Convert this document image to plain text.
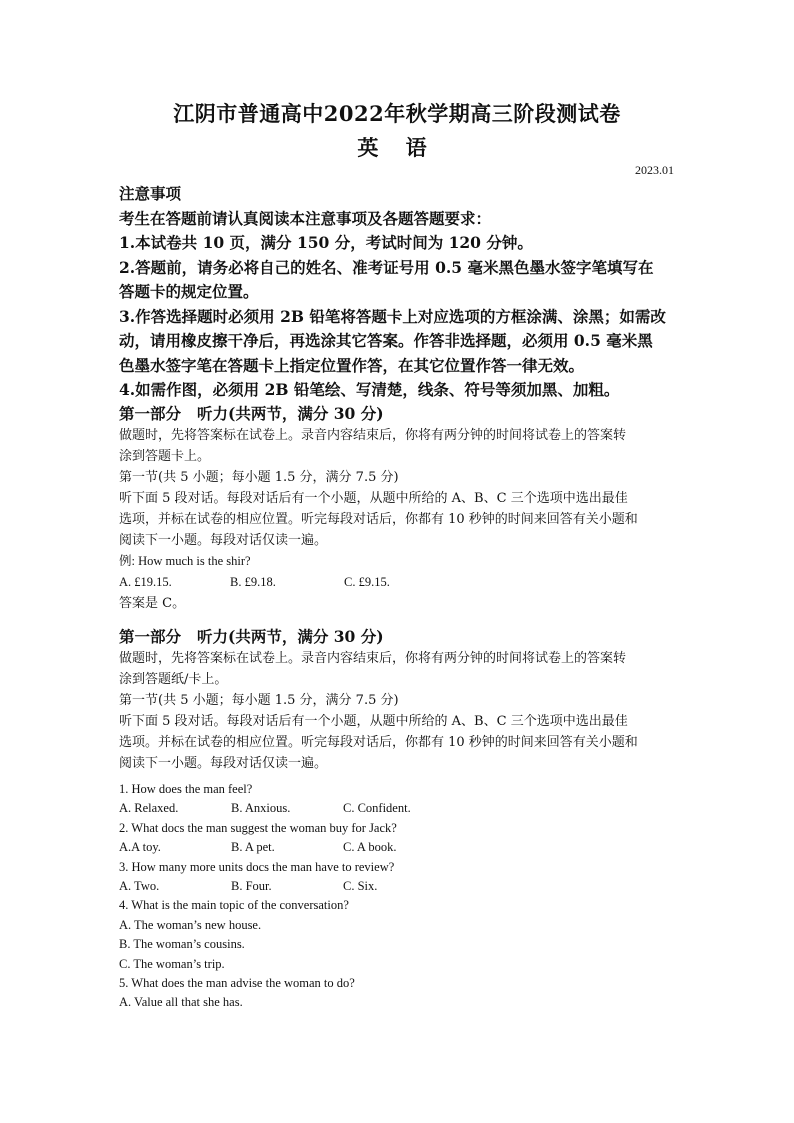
江阴市普通高中2022年秋学期高三阶段测试卷
英 语
2023.01
注意事项
考生在答题前请认真阅读本注意事项及各题答题要求：
1.本试卷共 10 页，满分 150 分，考试时间为 120 分钟。
2.答题前，请务必将自己的姓名、准考证号用 0.5 毫米黑色墨水签字笔填写在
答题卡的规定位置。
3.作答选择题时必须用 2B 铅笔将答题卡上对应选项的方框涂满、涂黑；如需改
动，请用橡皮擦干净后，再选涂其它答案。作答非选择题，必须用 0.5 毫米黑
色墨水签字笔在答题卡上指定位置作答，在其它位置作答一律无效。
4.如需作图，必须用 2B 铅笔绘、写清楚，线条、符号等须加黑、加粗。
第一部分 听力(共两节，满分 30 分)
做题时，先将答案标在试卷上。录音内容结束后，你将有两分钟的时间将试卷上的答案转
涂到答题卡上。
第一节(共 5 小题；每小题 1.5 分，满分 7.5 分)
听下面 5 段对话。每段对话后有一个小题，从题中所给的 A、B、C 三个选项中选出最佳
选项，并标在试卷的相应位置。听完每段对话后，你都有 10 秒钟的时间来回答有关小题和
阅读下一小题。每段对话仅读一遍。
例: How much is the shir?
A. £19.15.	B. £9.18.	C. £9.15.
答案是 C。
第一部分 听力(共两节，满分 30 分)
做题时，先将答案标在试卷上。录音内容结束后，你将有两分钟的时间将试卷上的答案转
涂到答题纸/卡上。
第一节(共 5 小题；每小题 1.5 分，满分 7.5 分)
听下面 5 段对话。每段对话后有一个小题，从题中所给的 A、B、C 三个选项中选出最佳
选项。并标在试卷的相应位置。听完每段对话后，你都有 10 秒钟的时间来回答有关小题和
阅读下一小题。每段对话仅读一遍。
1. How does the man feel?
A. Relaxed.	B. Anxious.	C. Confident.
2. What docs the man suggest the woman buy for Jack?
A.A toy.	B. A pet.	C. A book.
3. How many more units docs the man have to review?
A. Two.	B. Four.	C. Six.
4. What is the main topic of the conversation?
A. The woman’s new house.
B. The woman’s cousins.
C. The woman’s trip.
5. What does the man advise the woman to do?
A. Value all that she has.
